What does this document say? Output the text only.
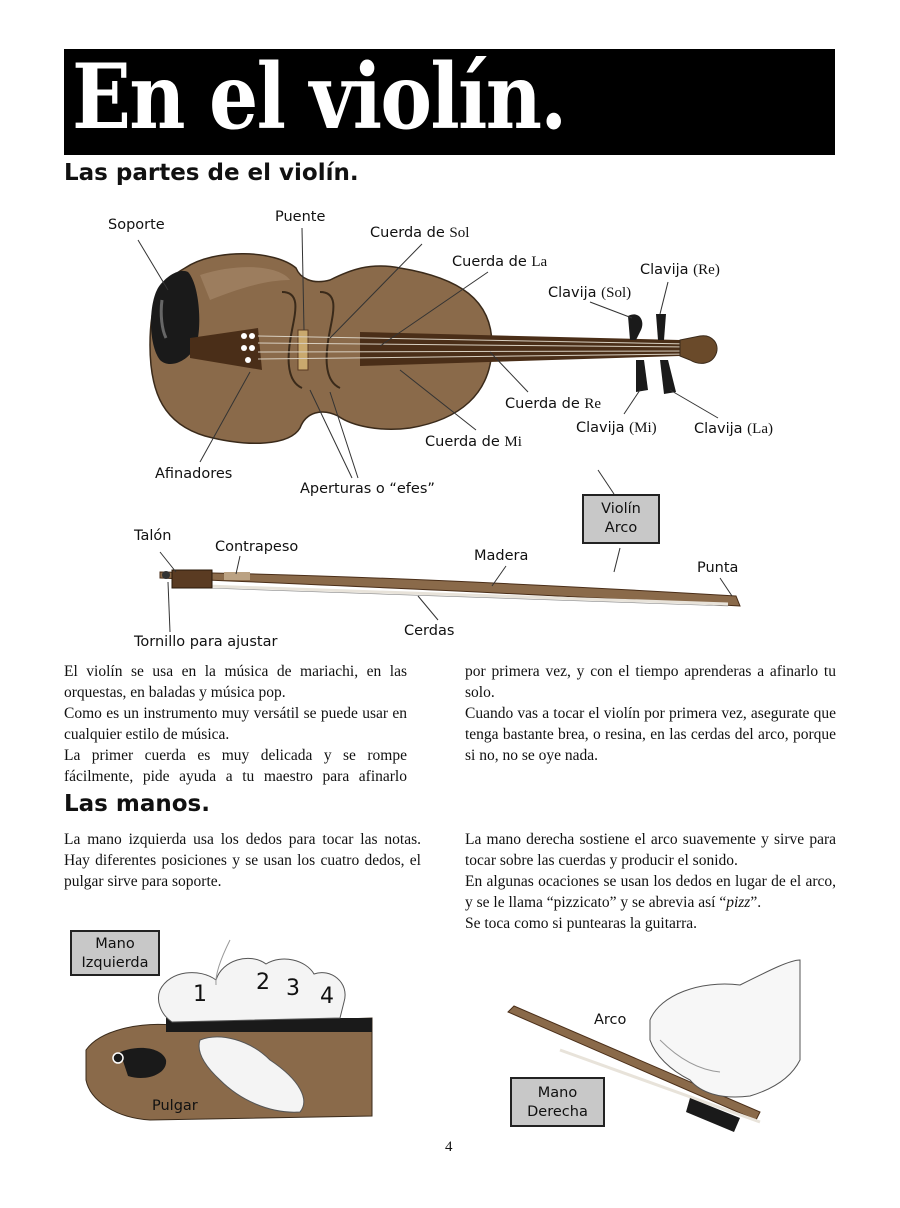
En el violín.
Las partes de el violín.
Soporte	Puente
Cuerda de Sol
Cuerda de La	Clavija (Re)
Clavija (Sol)
Cuerda de Re
Clavija (Mi)	Clavija (La)
Cuerda de Mi
Afinadores
Aperturas o “efes”
Violín
Arco
Talón
Contrapeso
Madera
Punta
Tornillo para ajustar
Cerdas

El violín se usa en la música de mariachi, en las orquestas, en baladas y música pop.

Como es un instrumento muy versátil se puede usar en cualquier estilo de música.

La primer cuerda es muy delicada y se rompe fácilmente, pide ayuda a tu maestro para afinarlo

por primera vez, y con el tiempo aprenderas a afinarlo tu solo.

Cuando vas a tocar el violín por primera vez, asegurate que tenga bastante brea, o resina, en las cerdas del arco, porque si no, no se oye nada.

Las manos.

La mano izquierda usa los dedos para tocar las notas. Hay diferentes posiciones y se usan los cuatro dedos, el pulgar sirve para soporte.

La mano derecha sostiene el arco suavemente y sirve para tocar sobre las cuerdas y producir el sonido.

En algunas ocaciones se usan los dedos en lugar de el arco, y se le llama “pizzicato” y se abrevia así “pizz”.

Se toca como si puntearas la guitarra.

Mano
Izquierda
1 2 3 4
Pulgar
Arco
Mano
Derecha
4
